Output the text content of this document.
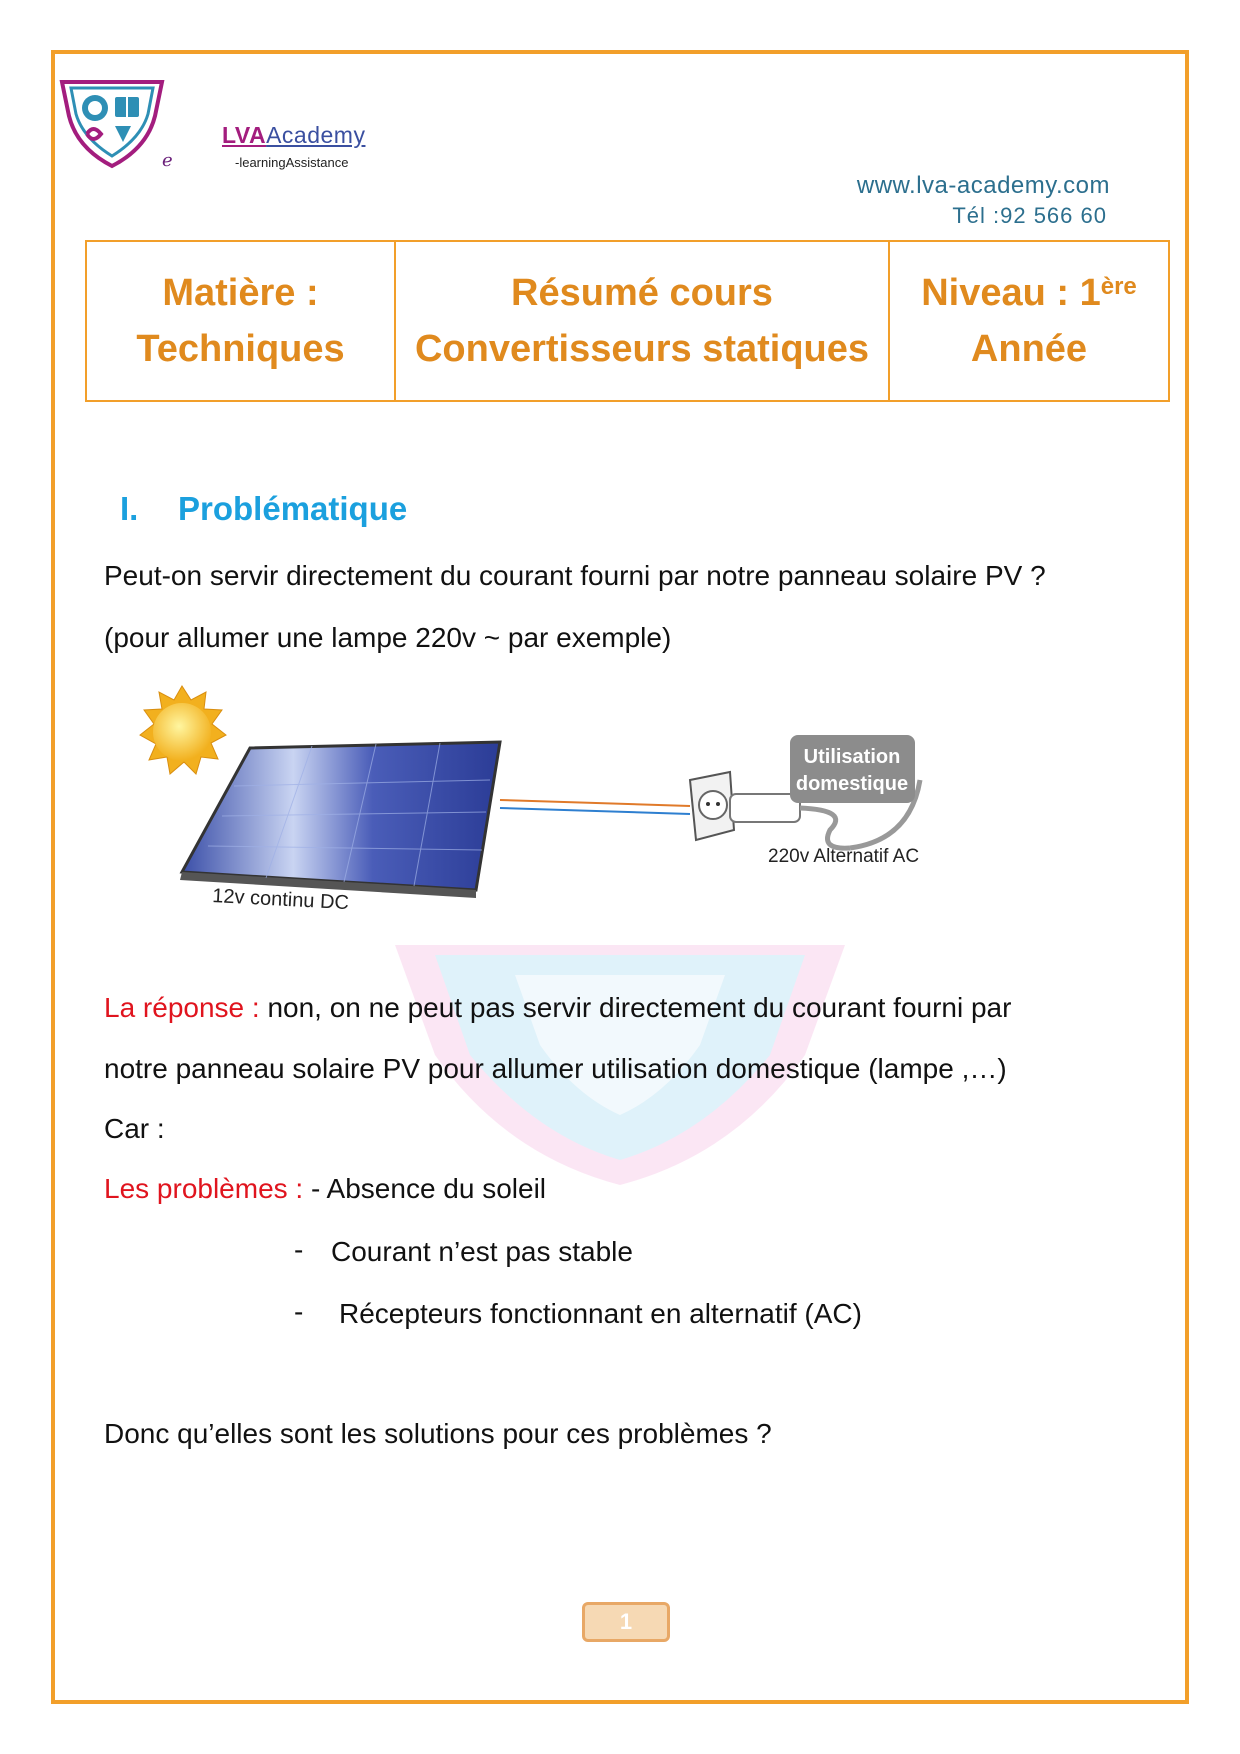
e
LVAAcademy
-learningAssistance
www.lva-academy.com
Tél :92 566 60
Matière :
Techniques

Résumé cours
Convertisseurs statiques

Niveau : 1ère
Année
I. Problématique
Peut-on servir directement du courant fourni par notre panneau solaire PV ?
(pour allumer une lampe 220v ~ par exemple)
Utilisation
domestique
220v Alternatif AC
12v continu DC
La réponse : non, on ne peut pas servir directement du courant fourni par
notre panneau solaire PV pour allumer utilisation domestique (lampe ,…)
Car :
Les problèmes : - Absence du soleil
- Courant n’est pas stable
- Récepteurs fonctionnant en alternatif (AC)
Donc qu’elles sont les solutions pour ces problèmes ?
1
